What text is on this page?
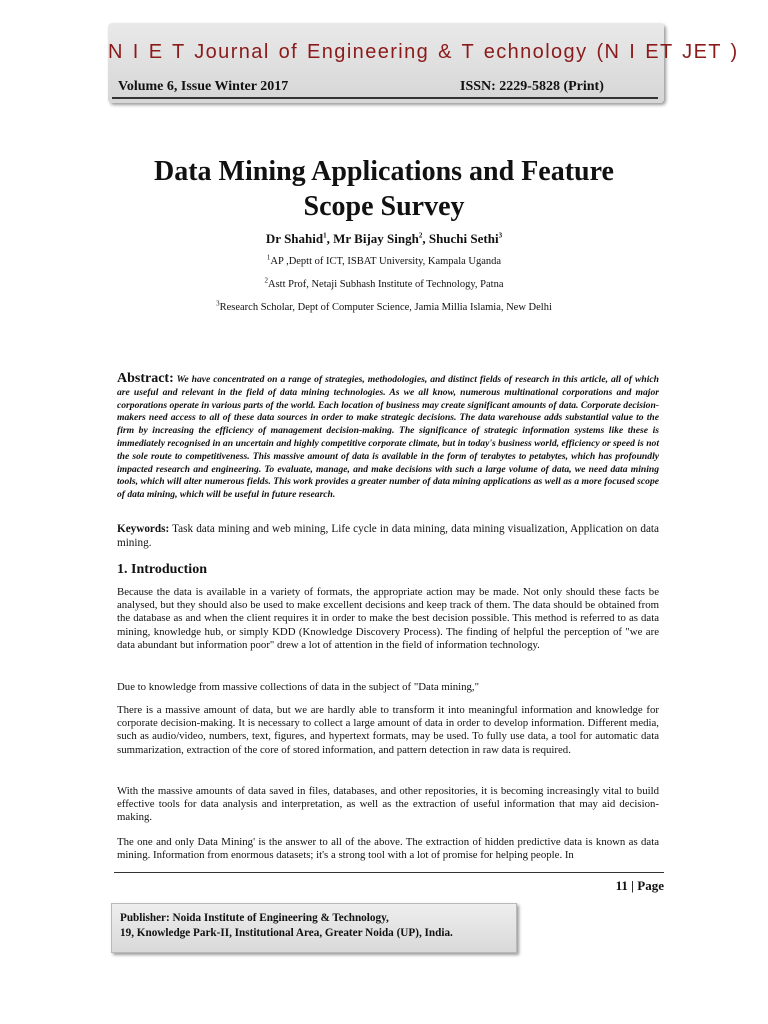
N I E T Journal of Engineering & T echnology (N I ET JET )
Volume 6, Issue Winter 2017	ISSN: 2229-5828 (Print)
Data Mining Applications and Feature
Scope Survey
Dr Shahid$^1$, Mr Bijay Singh$^2$, Shuchi Sethi$^3$
$^1$AP ,Deptt of ICT, ISBAT University, Kampala Uganda
$^2$Astt Prof, Netaji Subhash Institute of Technology, Patna
$^3$Research Scholar, Dept of Computer Science, Jamia Millia Islamia, New Delhi
Abstract: We have concentrated on a range of strategies, methodologies, and distinct fields of research in this article, all of which are useful and relevant in the field of data mining technologies. As we all know, numerous multinational corporations and major corporations operate in various parts of the world. Each location of business may create significant amounts of data. Corporate decision-makers need access to all of these data sources in order to make strategic decisions. The data warehouse adds substantial value to the firm by increasing the efficiency of management decision-making. The significance of strategic information systems like these is immediately recognised in an uncertain and highly competitive corporate climate, but in today's business world, efficiency or speed is not the sole route to competitiveness. This massive amount of data is available in the form of terabytes to petabytes, which has profoundly impacted research and engineering. To evaluate, manage, and make decisions with such a large volume of data, we need data mining tools, which will alter numerous fields. This work provides a greater number of data mining applications as well as a more focused scope of data mining, which will be useful in future research.
Keywords: Task data mining and web mining, Life cycle in data mining, data mining visualization, Application on data mining.
1. Introduction
Because the data is available in a variety of formats, the appropriate action may be made. Not only should these facts be analysed, but they should also be used to make excellent decisions and keep track of them. The data should be obtained from the database as and when the client requires it in order to make the best decision possible. This method is referred to as data mining, knowledge hub, or simply KDD (Knowledge Discovery Process). The finding of helpful the perception of "we are data abundant but information poor" drew a lot of attention in the field of information technology.
Due to knowledge from massive collections of data in the subject of "Data mining,"
There is a massive amount of data, but we are hardly able to transform it into meaningful information and knowledge for corporate decision-making. It is necessary to collect a large amount of data in order to develop information. Different media, such as audio/video, numbers, text, figures, and hypertext formats, may be used. To fully use data, a tool for automatic data summarization, extraction of the core of stored information, and pattern detection in raw data is required.
With the massive amounts of data saved in files, databases, and other repositories, it is becoming increasingly vital to build effective tools for data analysis and interpretation, as well as the extraction of useful information that may aid decision-making.
The one and only Data Mining' is the answer to all of the above. The extraction of hidden predictive data is known as data mining. Information from enormous datasets; it's a strong tool with a lot of promise for helping people. In
11 | Page
Publisher: Noida Institute of Engineering & Technology,
19, Knowledge Park-II, Institutional Area, Greater Noida (UP), India.
